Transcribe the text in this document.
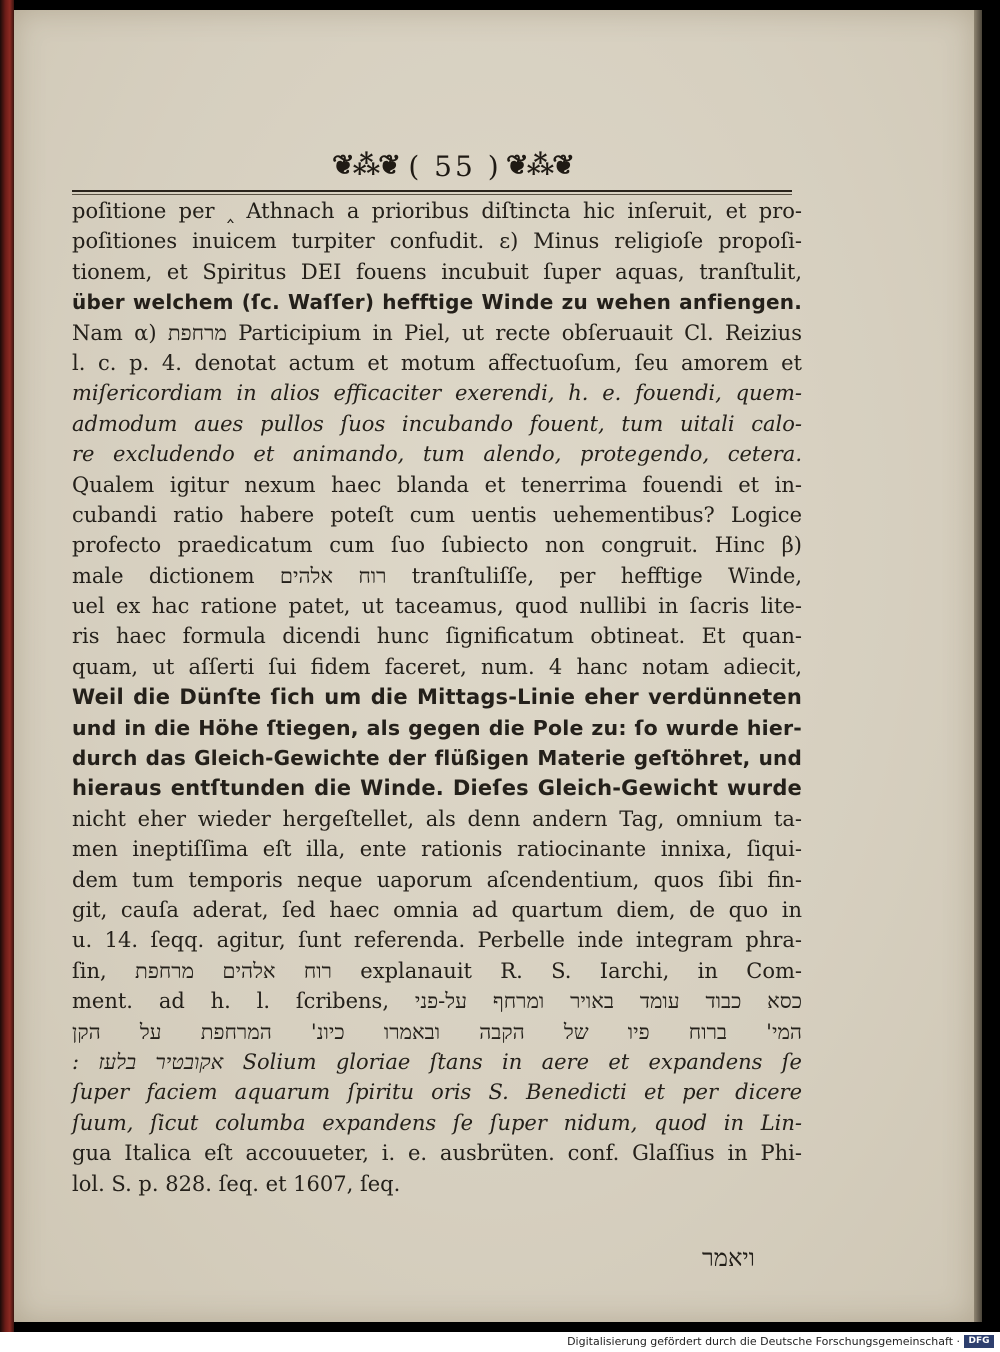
❦⁂❦ ( 55 ) ❦⁂❦
poſitione per ‸ Athnach a prioribus diſtincta hic inſeruit, et pro-
poſitiones inuicem turpiter confudit. ε) Minus religioſe propoſi-
tionem, et Spiritus DEI fouens incubuit ſuper aquas, tranſtulit,
über welchem (ſc. Waſſer) hefftige Winde zu wehen anfiengen.
Nam α) מרחפת Participium in Piel, ut recte obſeruauit Cl. Reizius
l. c. p. 4. denotat actum et motum affectuoſum, ſeu amorem et
miſericordiam in alios efficaciter exerendi, h. e. fouendi, quem-
admodum aues pullos ſuos incubando fouent, tum uitali calo-
re excludendo et animando, tum alendo, protegendo, cetera.
Qualem igitur nexum haec blanda et tenerrima fouendi et in-
cubandi ratio habere poteſt cum uentis uehementibus? Logice
profecto praedicatum cum ſuo ſubiecto non congruit. Hinc β)
male dictionem רוח אלהים tranſtuliſſe, per hefftige Winde,
uel ex hac ratione patet, ut taceamus, quod nullibi in ſacris lite-
ris haec formula dicendi hunc ſignificatum obtineat. Et quan-
quam, ut aſſerti ſui fidem faceret, num. 4 hanc notam adiecit,
Weil die Dünſte ſich um die Mittags-Linie eher verdünneten
und in die Höhe ſtiegen, als gegen die Pole zu: ſo wurde hier-
durch das Gleich-Gewichte der flüßigen Materie geſtöhret, und
hieraus entſtunden die Winde. Dieſes Gleich-Gewicht wurde
nicht eher wieder hergeſtellet, als denn andern Tag, omnium ta-
men ineptiſſima eſt illa, ente rationis ratiocinante innixa, ſiqui-
dem tum temporis neque uaporum aſcendentium, quos ſibi fin-
git, cauſa aderat, ſed haec omnia ad quartum diem, de quo in
u. 14. ſeqq. agitur, ſunt referenda. Perbelle inde integram phra-
ſin, רוח אלהים מרחפת explanauit R. S. Iarchi, in Com-
ment. ad h. l. ſcribens, כסא כבוד עומד באויר ומרחף על-פני
המי' ברוח פיו של הקבה ובאמרו כיונ' המרחפת על הקן
: אקובטיר בלעז Solium gloriae ſtans in aere et expandens ſe
ſuper faciem aquarum ſpiritu oris S. Benedicti et per dicere
ſuum, ſicut columba expandens ſe ſuper nidum, quod in Lin-
gua Italica eſt accouueter, i. e. ausbrüten. conf. Glaſſius in Phi-
lol. S. p. 828. ſeq. et 1607, ſeq.
ויאמר
Digitalisierung gefördert durch die Deutsche Forschungsgemeinschaft · DFG
